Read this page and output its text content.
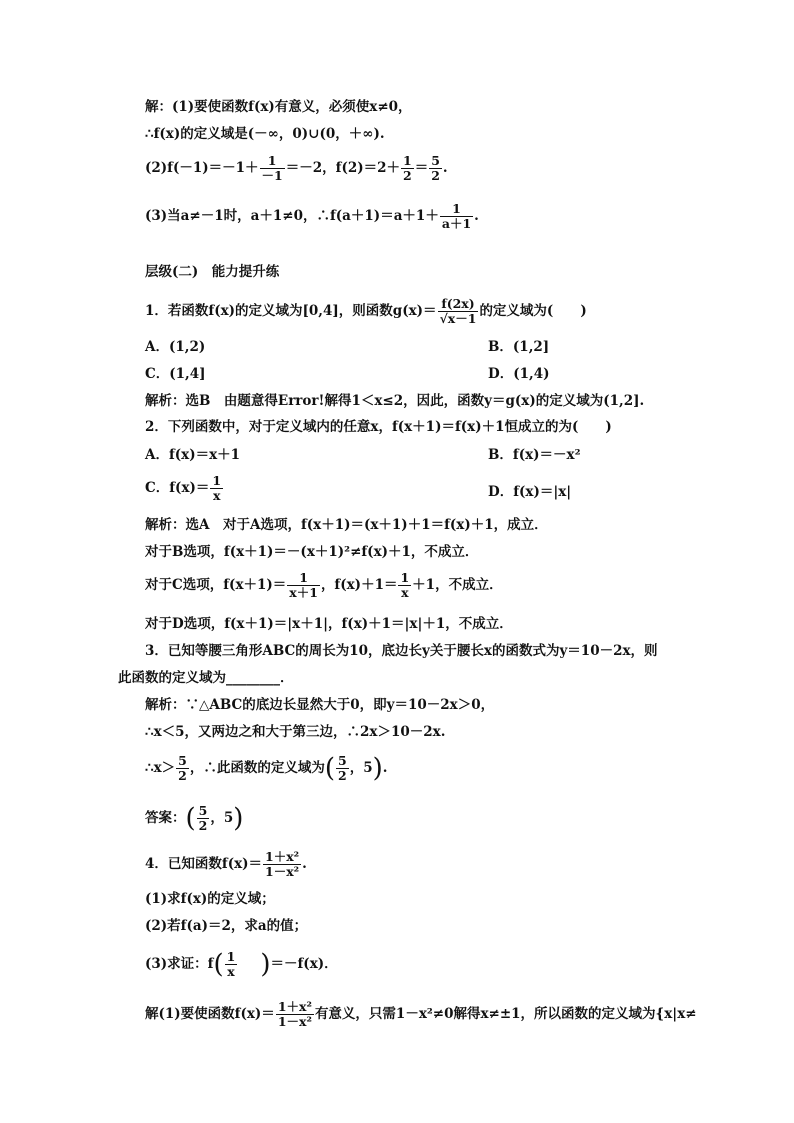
解：(1)要使函数f(x)有意义，必须使x≠0，
∴f(x)的定义域是(－∞，0)∪(0，＋∞).
$(2)f(-1)=-1+ \frac{1}{-1} =-2$，$f(2)=2+ \frac{1}{2} = \frac{5}{2}$ .
(3)当a≠－1时，a＋1≠0，∴f(a＋1)＝a＋1＋ $\frac{1}{a+1}$ .
层级(二)　能力提升练
1．若函数f(x)的定义域为[0,4]，则函数$g(x)= \frac{f(2x)}{√x-1}$ 的定义域为(　　)
A．(1,2)	B．(1,2]
C．(1,4]	D．(1,4)
解析：选B　由题意得Error!解得1＜x≤2，因此，函数y＝g(x)的定义域为(1,2].
2．下列函数中，对于定义域内的任意x，f(x＋1)＝f(x)＋1恒成立的为(　　)
A．f(x)＝x＋1	B．f(x)＝－x²
C．$f(x)= \frac{1}{x}$	D．f(x)＝|x|
解析：选A　对于A选项，f(x＋1)＝(x＋1)＋1＝f(x)＋1，成立．
对于B选项，f(x＋1)＝－(x＋1)²≠f(x)＋1，不成立．
对于C选项，$f(x+1)= \frac{1}{x+1}$ ，$f(x)+1= \frac{1}{x} +1$，不成立．
对于D选项，f(x＋1)＝|x＋1|，f(x)＋1＝|x|＋1，不成立．
3．已知等腰三角形ABC的周长为10，底边长y关于腰长x的函数式为y＝10－2x，则
此函数的定义域为________．
解析：∵△ABC的底边长显然大于0，即y＝10－2x＞0，
∴x＜5，又两边之和大于第三边，∴2x＞10－2x.
∴x＞ $\frac{5}{2}$ ，∴此函数的定义域为( $\frac{5}{2}$ ，5).
答案：( $\frac{5}{2}$ ，5)
4．已知函数$f(x)= \frac{\text{1＋x²}}{\text{1－x²}}$ .
(1)求f(x)的定义域；
(2)若f(a)＝2，求a的值；
(3)求证：$f( \frac{1}{x} )=-f(x)$．
解(1)要使函数$f(x)= \frac{\text{1＋x²}}{\text{1－x²}}$ 有意义，只需1－x²≠0解得x≠±1，所以函数的定义域为{x|x≠
